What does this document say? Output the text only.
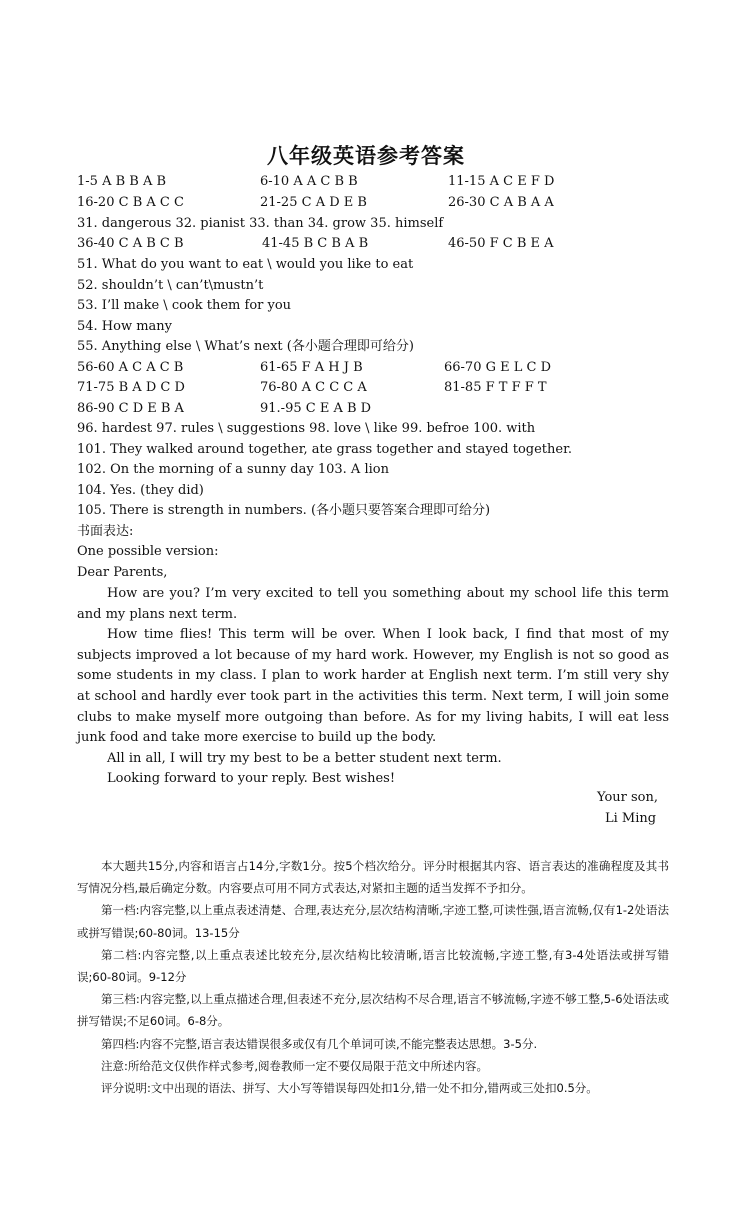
八年级英语参考答案
1-5 A B B A B	6-10 A A C B B	11-15 A C E F D
16-20 C B A C C	21-25 C A D E B	26-30 C A B A A
31. dangerous 32. pianist 33. than 34. grow 35. himself
36-40 C A B C B	41-45 B C B A B	46-50 F C B E A
51. What do you want to eat \ would you like to eat
52. shouldn’t \ can’t\mustn’t
53. I’ll make \ cook them for you
54. How many
55. Anything else \ What’s next (各小题合理即可给分)
56-60 A C A C B	61-65 F A H J B	66-70 G E L C D
71-75 B A D C D	76-80 A C C C A	81-85 F T F F T
86-90 C D E B A	91.-95 C E A B D
96. hardest 97. rules \ suggestions 98. love \ like 99. befroe 100. with
101. They walked around together, ate grass together and stayed together.
102. On the morning of a sunny day 103. A lion
104. Yes. (they did)
105. There is strength in numbers. (各小题只要答案合理即可给分)
书面表达:
One possible version:
Dear Parents,

How are you? I’m very excited to tell you something about my school life this term and my plans next term.

How time flies! This term will be over. When I look back, I find that most of my subjects improved a lot because of my hard work. However, my English is not so good as some students in my class. I plan to work harder at English next term. I’m still very shy at school and hardly ever took part in the activities this term. Next term, I will join some clubs to make myself more outgoing than before. As for my living habits, I will eat less junk food and take more exercise to build up the body.

All in all, I will try my best to be a better student next term.

Looking forward to your reply. Best wishes!

Your son,
Li Ming

本大题共15分,内容和语言占14分,字数1分。按5个档次给分。评分时根据其内容、语言表达的准确程度及其书写情况分档,最后确定分数。内容要点可用不同方式表达,对紧扣主题的适当发挥不予扣分。

第一档:内容完整,以上重点表述清楚、合理,表达充分,层次结构清晰,字迹工整,可读性强,语言流畅,仅有1-2处语法或拼写错误;60-80词。13-15分

第二档:内容完整,以上重点表述比较充分,层次结构比较清晰,语言比较流畅,字迹工整,有3-4处语法或拼写错误;60-80词。9-12分

第三档:内容完整,以上重点描述合理,但表述不充分,层次结构不尽合理,语言不够流畅,字迹不够工整,5-6处语法或拼写错误;不足60词。6-8分。

第四档:内容不完整,语言表达错误很多或仅有几个单词可读,不能完整表达思想。3-5分.

注意:所给范文仅供作样式参考,阅卷教师一定不要仅局限于范文中所述内容。

评分说明:文中出现的语法、拼写、大小写等错误每四处扣1分,错一处不扣分,错两或三处扣0.5分。
